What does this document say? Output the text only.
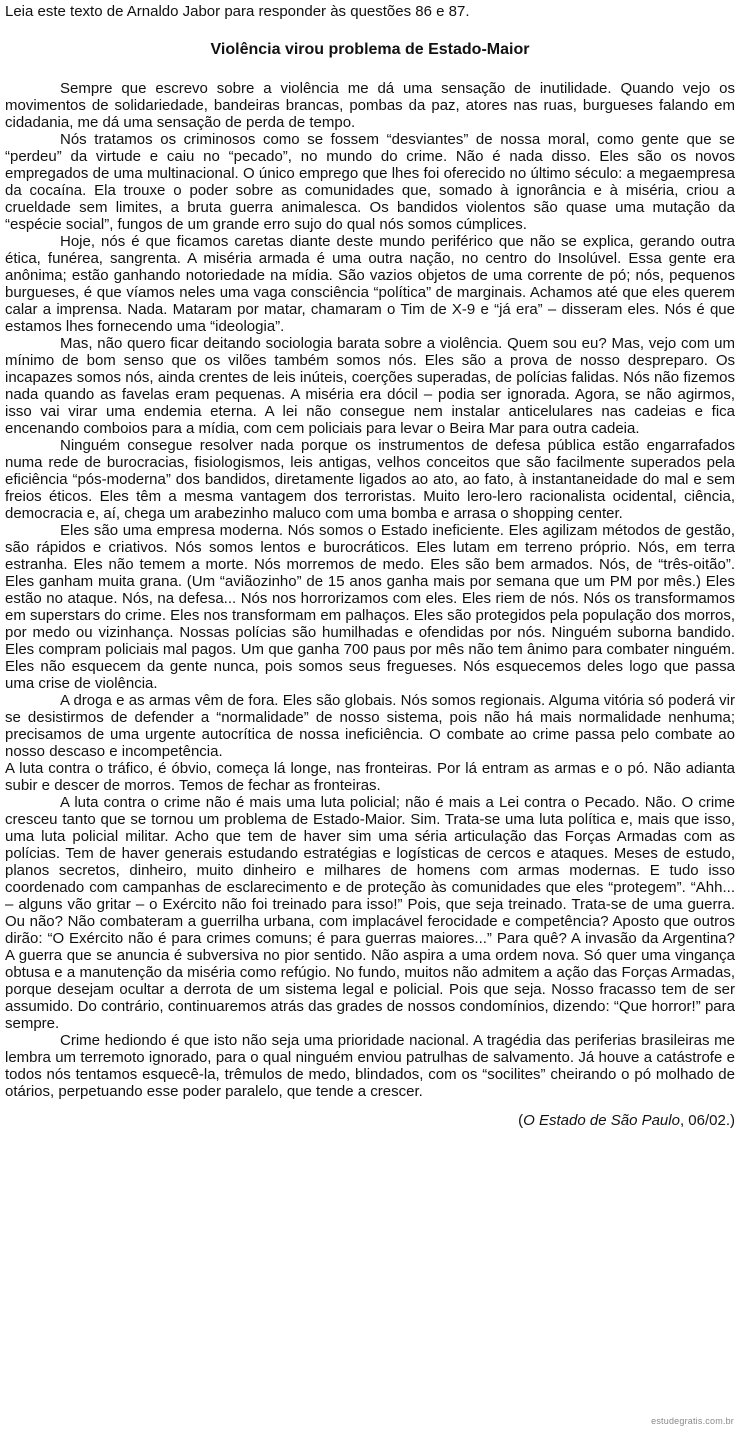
Leia este texto de Arnaldo Jabor para responder às questões 86 e 87.

Violência virou problema de Estado-Maior

Sempre que escrevo sobre a violência me dá uma sensação de inutilidade. Quando vejo os movimentos de solidariedade, bandeiras brancas, pombas da paz, atores nas ruas, burgueses falando em cidadania, me dá uma sensação de perda de tempo.

Nós tratamos os criminosos como se fossem “desviantes” de nossa moral, como gente que se “perdeu” da virtude e caiu no “pecado”, no mundo do crime. Não é nada disso. Eles são os novos empregados de uma multinacional. O único emprego que lhes foi oferecido no último século: a megaempresa da cocaína. Ela trouxe o poder sobre as comunidades que, somado à ignorância e à miséria, criou a crueldade sem limites, a bruta guerra animalesca. Os bandidos violentos são quase uma mutação da “espécie social”, fungos de um grande erro sujo do qual nós somos cúmplices.

Hoje, nós é que ficamos caretas diante deste mundo periférico que não se explica, gerando outra ética, funérea, sangrenta. A miséria armada é uma outra nação, no centro do Insolúvel. Essa gente era anônima; estão ganhando notoriedade na mídia. São vazios objetos de uma corrente de pó; nós, pequenos burgueses, é que víamos neles uma vaga consciência “política” de marginais. Achamos até que eles querem calar a imprensa. Nada. Mataram por matar, chamaram o Tim de X-9 e “já era” – disseram eles. Nós é que estamos lhes fornecendo uma “ideologia”.

Mas, não quero ficar deitando sociologia barata sobre a violência. Quem sou eu? Mas, vejo com um mínimo de bom senso que os vilões também somos nós. Eles são a prova de nosso despreparo. Os incapazes somos nós, ainda crentes de leis inúteis, coerções superadas, de polícias falidas. Nós não fizemos nada quando as favelas eram pequenas. A miséria era dócil – podia ser ignorada. Agora, se não agirmos, isso vai virar uma endemia eterna. A lei não consegue nem instalar anticelulares nas cadeias e fica encenando comboios para a mídia, com cem policiais para levar o Beira Mar para outra cadeia.

Ninguém consegue resolver nada porque os instrumentos de defesa pública estão engarrafados numa rede de burocracias, fisiologismos, leis antigas, velhos conceitos que são facilmente superados pela eficiência “pós-moderna” dos bandidos, diretamente ligados ao ato, ao fato, à instantaneidade do mal e sem freios éticos. Eles têm a mesma vantagem dos terroristas. Muito lero-lero racionalista ocidental, ciência, democracia e, aí, chega um arabezinho maluco com uma bomba e arrasa o shopping center.

Eles são uma empresa moderna. Nós somos o Estado ineficiente. Eles agilizam métodos de gestão, são rápidos e criativos. Nós somos lentos e burocráticos. Eles lutam em terreno próprio. Nós, em terra estranha. Eles não temem a morte. Nós morremos de medo. Eles são bem armados. Nós, de “três-oitão”. Eles ganham muita grana. (Um “aviãozinho” de 15 anos ganha mais por semana que um PM por mês.) Eles estão no ataque. Nós, na defesa... Nós nos horrorizamos com eles. Eles riem de nós. Nós os transformamos em superstars do crime. Eles nos transformam em palhaços. Eles são protegidos pela população dos morros, por medo ou vizinhança. Nossas polícias são humilhadas e ofendidas por nós. Ninguém suborna bandido. Eles compram policiais mal pagos. Um que ganha 700 paus por mês não tem ânimo para combater ninguém. Eles não esquecem da gente nunca, pois somos seus fregueses. Nós esquecemos deles logo que passa uma crise de violência.

A droga e as armas vêm de fora. Eles são globais. Nós somos regionais. Alguma vitória só poderá vir se desistirmos de defender a “normalidade” de nosso sistema, pois não há mais normalidade nenhuma; precisamos de uma urgente autocrítica de nossa ineficiência. O combate ao crime passa pelo combate ao nosso descaso e incompetência.

A luta contra o tráfico, é óbvio, começa lá longe, nas fronteiras. Por lá entram as armas e o pó. Não adianta subir e descer de morros. Temos de fechar as fronteiras.

A luta contra o crime não é mais uma luta policial; não é mais a Lei contra o Pecado. Não. O crime cresceu tanto que se tornou um problema de Estado-Maior. Sim. Trata-se uma luta política e, mais que isso, uma luta policial militar. Acho que tem de haver sim uma séria articulação das Forças Armadas com as polícias. Tem de haver generais estudando estratégias e logísticas de cercos e ataques. Meses de estudo, planos secretos, dinheiro, muito dinheiro e milhares de homens com armas modernas. E tudo isso coordenado com campanhas de esclarecimento e de proteção às comunidades que eles “protegem”. “Ahh... – alguns vão gritar – o Exército não foi treinado para isso!” Pois, que seja treinado. Trata-se de uma guerra. Ou não? Não combateram a guerrilha urbana, com implacável ferocidade e competência? Aposto que outros dirão: “O Exército não é para crimes comuns; é para guerras maiores...” Para quê? A invasão da Argentina? A guerra que se anuncia é subversiva no pior sentido. Não aspira a uma ordem nova. Só quer uma vingança obtusa e a manutenção da miséria como refúgio. No fundo, muitos não admitem a ação das Forças Armadas, porque desejam ocultar a derrota de um sistema legal e policial. Pois que seja. Nosso fracasso tem de ser assumido. Do contrário, continuaremos atrás das grades de nossos condomínios, dizendo: “Que horror!” para sempre.

Crime hediondo é que isto não seja uma prioridade nacional. A tragédia das periferias brasileiras me lembra um terremoto ignorado, para o qual ninguém enviou patrulhas de salvamento. Já houve a catástrofe e todos nós tentamos esquecê-la, trêmulos de medo, blindados, com os “socilites” cheirando o pó molhado de otários, perpetuando esse poder paralelo, que tende a crescer.

(O Estado de São Paulo, 06/02.)

estudegratis.com.br
